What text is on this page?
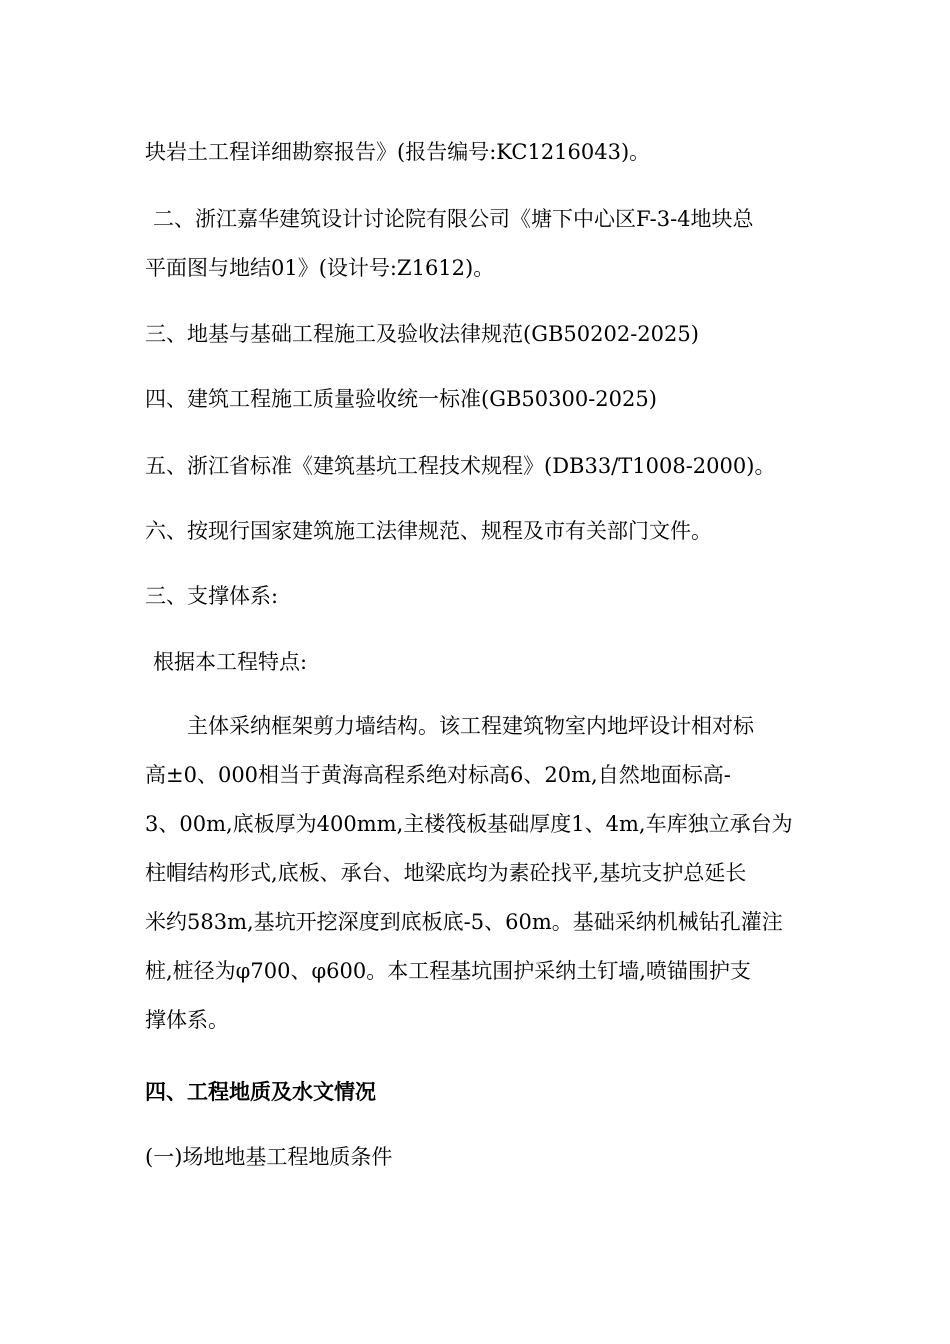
块岩土工程详细勘察报告》(报告编号:KC1216043)。
二、浙江嘉华建筑设计讨论院有限公司《塘下中心区F-3-4地块总
平面图与地结01》(设计号:Z1612)。
三、地基与基础工程施工及验收法律规范(GB50202-2025)
四、建筑工程施工质量验收统一标准(GB50300-2025)
五、浙江省标准《建筑基坑工程技术规程》(DB33/T1008-2000)。
六、按现行国家建筑施工法律规范、规程及市有关部门文件。
三、支撑体系:
根据本工程特点:
主体采纳框架剪力墙结构。该工程建筑物室内地坪设计相对标
高±0、000相当于黄海高程系绝对标高6、20m,自然地面标高-
3、00m,底板厚为400mm,主楼筏板基础厚度1、4m,车库独立承台为
柱帽结构形式,底板、承台、地梁底均为素砼找平,基坑支护总延长
米约583m,基坑开挖深度到底板底-5、60m。基础采纳机械钻孔灌注
桩,桩径为φ700、φ600。本工程基坑围护采纳土钉墙,喷锚围护支
撑体系。
四、工程地质及水文情况
(一)场地地基工程地质条件
